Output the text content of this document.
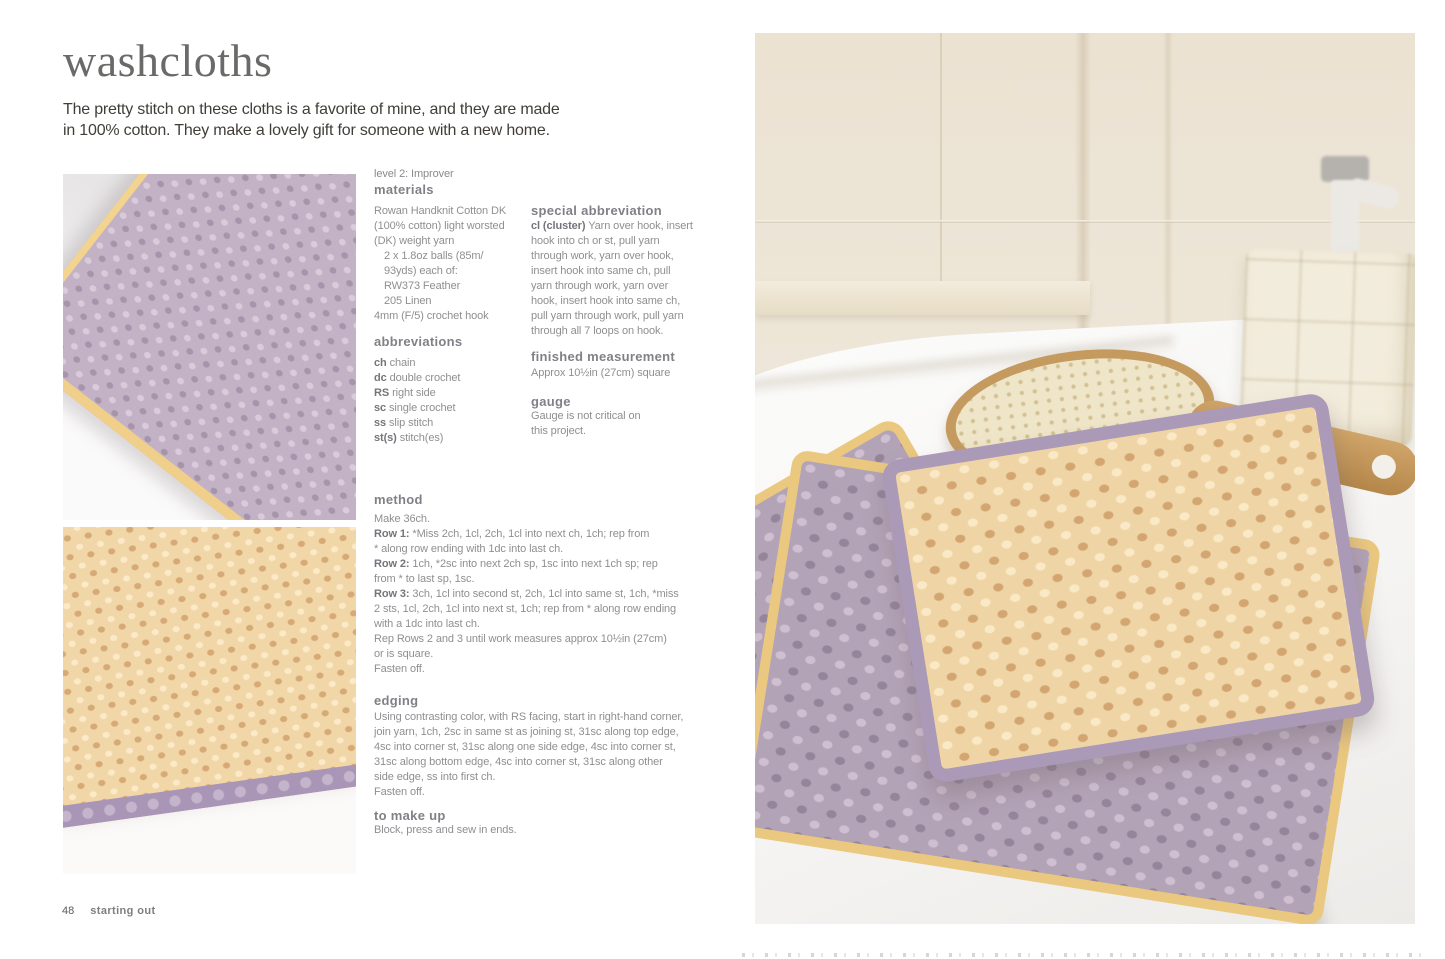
washcloths
The pretty stitch on these cloths is a favorite of mine, and they are made
in 100% cotton. They make a lovely gift for someone with a new home.

level 2: Improver

materials

Rowan Handknit Cotton DK
(100% cotton) light worsted
(DK) weight yarn

2 x 1.8oz balls (85m/
93yds) each of:
RW373 Feather
205 Linen

4mm (F/5) crochet hook

abbreviations
ch chain
dc double crochet
RS right side
sc single crochet
ss slip stitch
st(s) stitch(es)
special abbreviation

cl (cluster) Yarn over hook, insert hook into ch or st, pull yarn through work, yarn over hook, insert hook into same ch, pull yarn through work, yarn over hook, insert hook into same ch, pull yarn through work, pull yarn through all 7 loops on hook.

finished measurement

Approx 10½in (27cm) square

gauge

Gauge is not critical on
this project.

method

Make 36ch.

Row 1: *Miss 2ch, 1cl, 2ch, 1cl into next ch, 1ch; rep from
* along row ending with 1dc into last ch.

Row 2: 1ch, *2sc into next 2ch sp, 1sc into next 1ch sp; rep
from * to last sp, 1sc.

Row 3: 3ch, 1cl into second st, 2ch, 1cl into same st, 1ch, *miss
2 sts, 1cl, 2ch, 1cl into next st, 1ch; rep from * along row ending
with a 1dc into last ch.

Rep Rows 2 and 3 until work measures approx 10½in (27cm)
or is square.

Fasten off.

edging

Using contrasting color, with RS facing, start in right-hand corner,
join yarn, 1ch, 2sc in same st as joining st, 31sc along top edge,
4sc into corner st, 31sc along one side edge, 4sc into corner st,
31sc along bottom edge, 4sc into corner st, 31sc along other
side edge, ss into first ch.

Fasten off.

to make up

Block, press and sew in ends.

48 starting out
